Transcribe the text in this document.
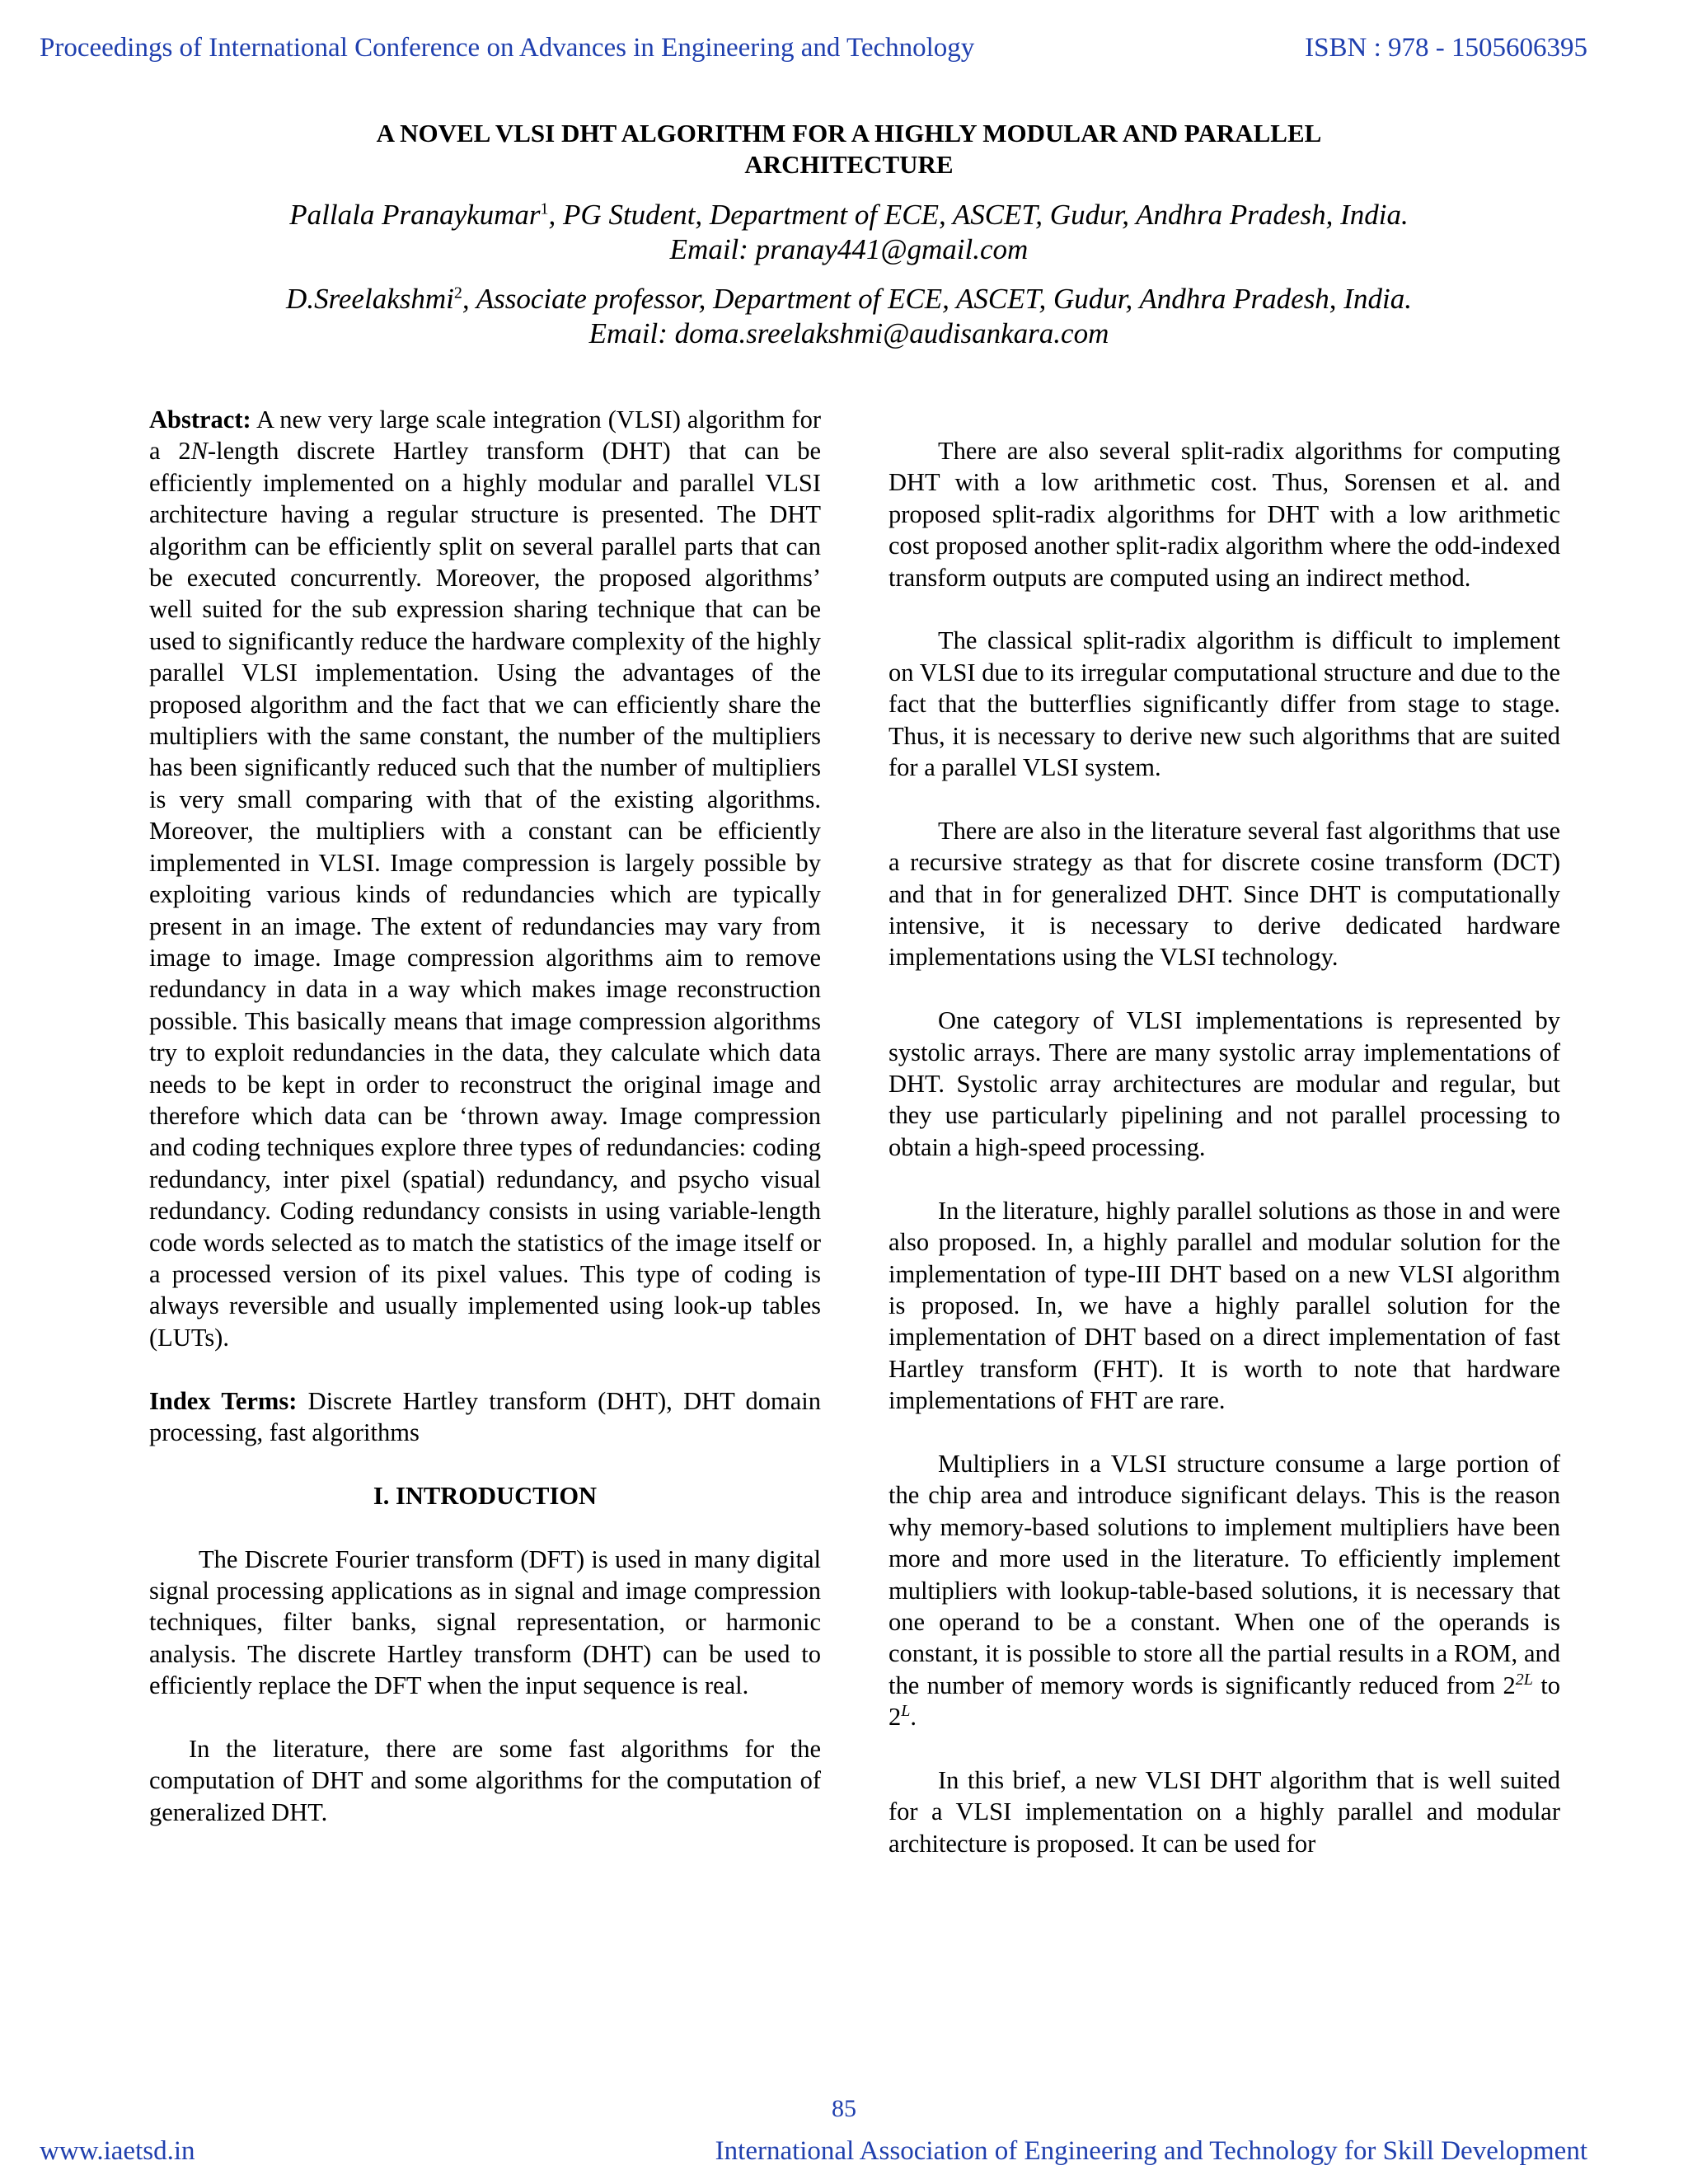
Proceedings of International Conference on Advances in Engineering and Technology	ISBN : 978 - 1505606395
A NOVEL VLSI DHT ALGORITHM FOR A HIGHLY MODULAR AND PARALLEL
ARCHITECTURE
Pallala Pranaykumar$^1$, PG Student, Department of ECE, ASCET, Gudur, Andhra Pradesh, India.
Email: pranay441@gmail.com
D.Sreelakshmi$^2$, Associate professor, Department of ECE, ASCET, Gudur, Andhra Pradesh, India.
Email: doma.sreelakshmi@audisankara.com

Abstract: A new very large scale integration (VLSI) algorithm for a 2N-length discrete Hartley transform (DHT) that can be efficiently implemented on a highly modular and parallel VLSI architecture having a regular structure is presented. The DHT algorithm can be efficiently split on several parallel parts that can be executed concurrently. Moreover, the proposed algorithms’ well suited for the sub expression sharing technique that can be used to significantly reduce the hardware complexity of the highly parallel VLSI implementation. Using the advantages of the proposed algorithm and the fact that we can efficiently share the multipliers with the same constant, the number of the multipliers has been significantly reduced such that the number of multipliers is very small comparing with that of the existing algorithms. Moreover, the multipliers with a constant can be efficiently implemented in VLSI. Image compression is largely possible by exploiting various kinds of redundancies which are typically present in an image. The extent of redundancies may vary from image to image. Image compression algorithms aim to remove redundancy in data in a way which makes image reconstruction possible. This basically means that image compression algorithms try to exploit redundancies in the data, they calculate which data needs to be kept in order to reconstruct the original image and therefore which data can be ‘thrown away. Image compression and coding techniques explore three types of redundancies: coding redundancy, inter pixel (spatial) redundancy, and psycho visual redundancy. Coding redundancy consists in using variable-length code words selected as to match the statistics of the image itself or a processed version of its pixel values. This type of coding is always reversible and usually implemented using look-up tables (LUTs).

Index Terms: Discrete Hartley transform (DHT), DHT domain processing, fast algorithms

I. INTRODUCTION

The Discrete Fourier transform (DFT) is used in many digital signal processing applications as in signal and image compression techniques, filter banks, signal representation, or harmonic analysis. The discrete Hartley transform (DHT) can be used to efficiently replace the DFT when the input sequence is real.

In the literature, there are some fast algorithms for the computation of DHT and some algorithms for the computation of generalized DHT.

There are also several split-radix algorithms for computing DHT with a low arithmetic cost. Thus, Sorensen et al. and proposed split-radix algorithms for DHT with a low arithmetic cost proposed another split-radix algorithm where the odd-indexed transform outputs are computed using an indirect method.

The classical split-radix algorithm is difficult to implement on VLSI due to its irregular computational structure and due to the fact that the butterflies significantly differ from stage to stage. Thus, it is necessary to derive new such algorithms that are suited for a parallel VLSI system.

There are also in the literature several fast algorithms that use a recursive strategy as that for discrete cosine transform (DCT) and that in for generalized DHT. Since DHT is computationally intensive, it is necessary to derive dedicated hardware implementations using the VLSI technology.

One category of VLSI implementations is represented by systolic arrays. There are many systolic array implementations of DHT. Systolic array architectures are modular and regular, but they use particularly pipelining and not parallel processing to obtain a high-speed processing.

In the literature, highly parallel solutions as those in and were also proposed. In, a highly parallel and modular solution for the implementation of type-III DHT based on a new VLSI algorithm is proposed. In, we have a highly parallel solution for the implementation of DHT based on a direct implementation of fast Hartley transform (FHT). It is worth to note that hardware implementations of FHT are rare.

Multipliers in a VLSI structure consume a large portion of the chip area and introduce significant delays. This is the reason why memory-based solutions to implement multipliers have been more and more used in the literature. To efficiently implement multipliers with lookup-table-based solutions, it is necessary that one operand to be a constant. When one of the operands is constant, it is possible to store all the partial results in a ROM, and the number of memory words is significantly reduced from $2^{2L}$ to $2^L$.

In this brief, a new VLSI DHT algorithm that is well suited for a VLSI implementation on a highly parallel and modular architecture is proposed. It can be used for

85
www.iaetsd.in	International Association of Engineering and Technology for Skill Development
